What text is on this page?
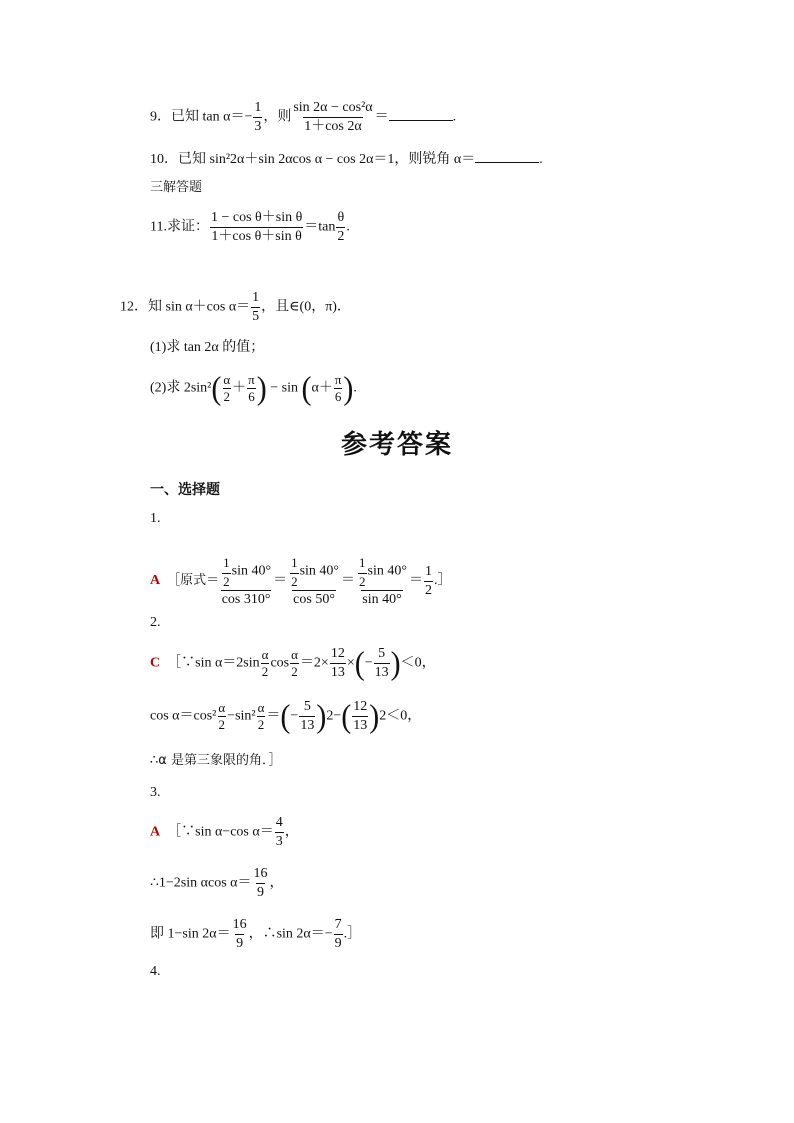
9．已知 $\tan \alpha=- \frac{1}{3}$ ，则 $\frac{\text{sin 2α − cos²α}}{1+\cos 2\alpha}$ ＝	.
10．已知 sin²2α＋sin 2αcos α − cos 2α＝1，则锐角 α＝	.
三解答题
11.求证： $\frac{\text{1 − cos θ＋sin θ}}{\text{1＋cos θ＋sin θ}} =\tan \frac{\theta}{2}$ .
12．知 sin α＋cos $\alpha= \frac{1}{5}$ ，且∈(0，π)．
(1)求 tan 2α 的值；
(2)求 $2\sin^2( \frac{\alpha}{2} + \frac{\pi}{6}$ ) − $\sin (\alpha+ \frac{\pi}{6}$ ).
参考答案
一、选择题
1.
A ［原式＝ $\frac{\frac{1}{2} \sin 40^\circ}{\cos 310^\circ} = \frac{\frac{1}{2} \sin 40^\circ}{\cos 50^\circ} = \frac{\frac{1}{2} \sin 40^\circ}{\sin 40^\circ} = \frac{1}{2}$ .］
2.
C ［∵sin $\alpha=2\sin \frac{\alpha}{2}$ $\cos \frac{\alpha}{2} =2\times \frac{12}{13}$ ×(− $\frac{5}{13} )<0$，
$\cos \alpha=\cos^2 \frac{\alpha}{2} -\sin^2 \frac{\alpha}{2}$ ＝(− $\frac{5}{13} )2-( \frac{12}{13} )2<0$，
∴α 是第三象限的角．］
3.
A ［∵sin α−cos $\alpha= \frac{4}{3}$ ，
∴1−2sin αcos $\alpha= \frac{16}{9}$ ，
即 1−sin $2\alpha= \frac{16}{9}$ ，∴sin $2\alpha=- \frac{7}{9}$ .］
4.
